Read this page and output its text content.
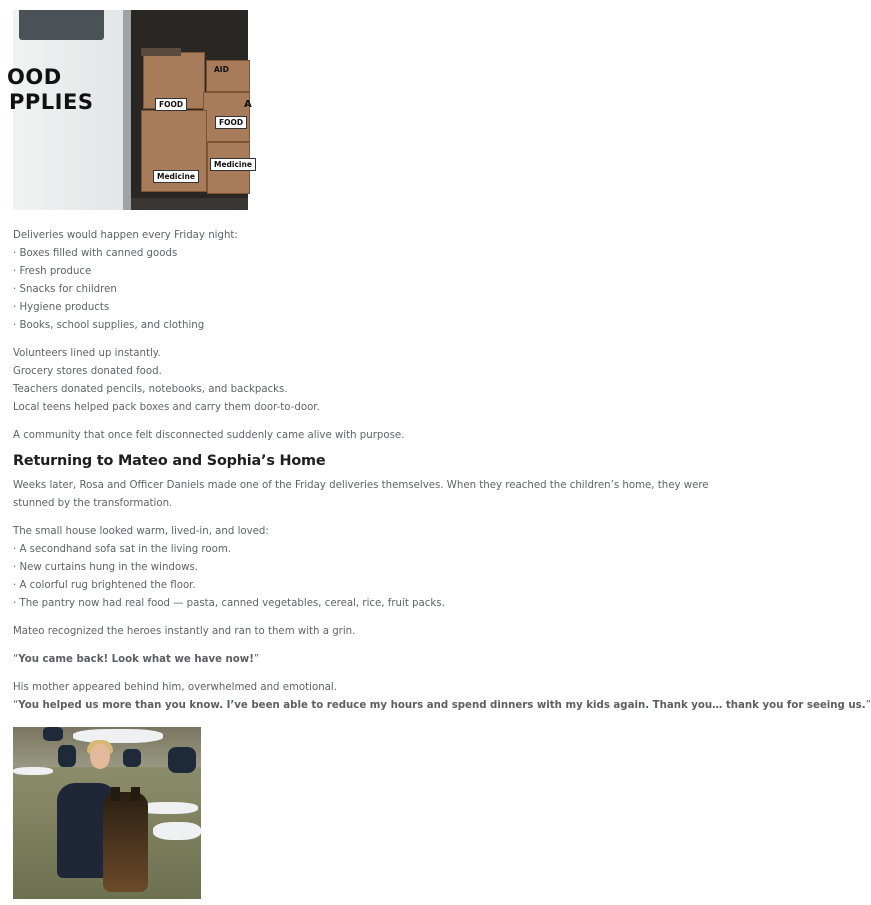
OOD
PPLIES
AID
FOOD
FOOD
Medicine
Medicine
A

Deliveries would happen every Friday night:

· Boxes filled with canned goods

· Fresh produce

· Snacks for children

· Hygiene products

· Books, school supplies, and clothing

Volunteers lined up instantly.

Grocery stores donated food.

Teachers donated pencils, notebooks, and backpacks.

Local teens helped pack boxes and carry them door-to-door.

A community that once felt disconnected suddenly came alive with purpose.

Returning to Mateo and Sophia’s Home

Weeks later, Rosa and Officer Daniels made one of the Friday deliveries themselves. When they reached the children’s home, they were stunned by the transformation.

The small house looked warm, lived-in, and loved:

· A secondhand sofa sat in the living room.

· New curtains hung in the windows.

· A colorful rug brightened the floor.

· The pantry now had real food — pasta, canned vegetables, cereal, rice, fruit packs.

Mateo recognized the heroes instantly and ran to them with a grin.

“You came back! Look what we have now!”

His mother appeared behind him, overwhelmed and emotional.

“You helped us more than you know. I’ve been able to reduce my hours and spend dinners with my kids again. Thank you… thank you for seeing us.”
